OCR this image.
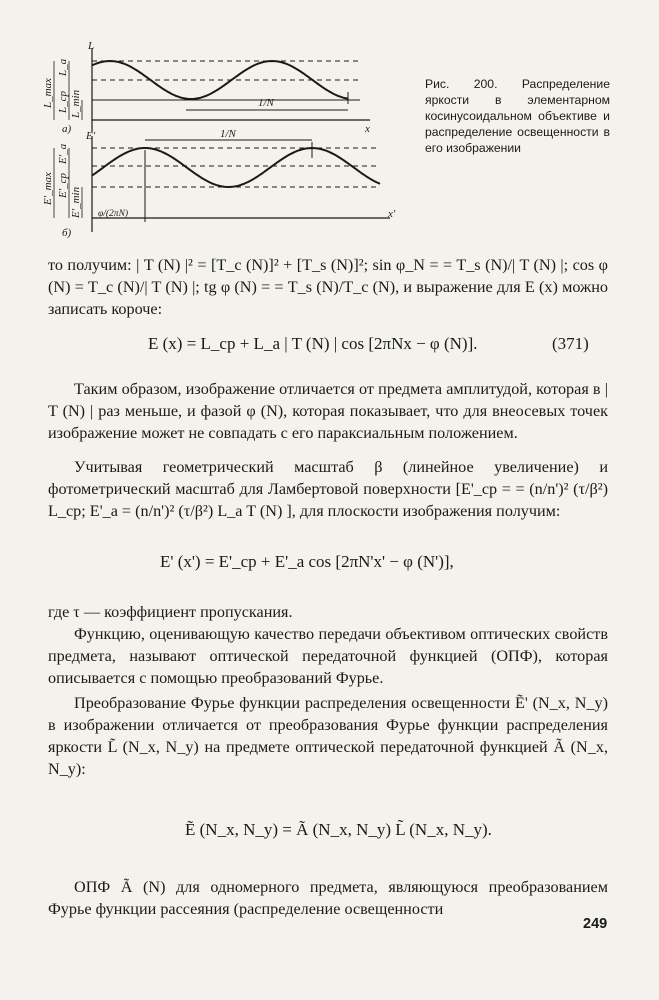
L
L_max
L_a
L_ср L_min	1/N
x
а)
E'
E'_max
E'_a
E'_ср
E'_min
1/N
φ/(2πN)	x'
б)
Рис. 200. Распределение яркости в элементарном косинусоидальном объективе и распределение освещенности в его изображении

то получим: | T (N) |² = [T_c (N)]² + [T_s (N)]²; sin φ_N = = T_s (N)/| T (N) |; cos φ (N) = T_c (N)/| T (N) |; tg φ (N) = = T_s (N)/T_c (N), и выражение для E (x) можно записать короче:

E (x) = L_ср + L_a | T (N) | cos [2πNx − φ (N)].	(371)

Таким образом, изображение отличается от предмета амплитудой, которая в | T (N) | раз меньше, и фазой φ (N), которая показывает, что для внеосевых точек изображение может не совпадать с его параксиальным положением.

Учитывая геометрический масштаб β (линейное увеличение) и фотометрический масштаб для Ламбертовой поверхности [E'_ср = = (n/n')² (τ/β²) L_ср; E'_a = (n/n')² (τ/β²) L_a T (N) ], для плоскости изображения получим:

E' (x') = E'_ср + E'_a cos [2πN'x' − φ (N')],

где τ — коэффициент пропускания.

Функцию, оценивающую качество передачи объективом оптических свойств предмета, называют оптической передаточной функцией (ОПФ), которая описывается с помощью преобразований Фурье.

Преобразование Фурье функции распределения освещенности Ẽ' (N_x, N_y) в изображении отличается от преобразования Фурье функции распределения яркости L̃ (N_x, N_y) на предмете оптической передаточной функцией Ã (N_x, N_y):

Ẽ (N_x, N_y) = Ã (N_x, N_y) L̃ (N_x, N_y).

ОПФ Ã (N) для одномерного предмета, являющуюся преобразованием Фурье функции рассеяния (распределение освещенности

249
